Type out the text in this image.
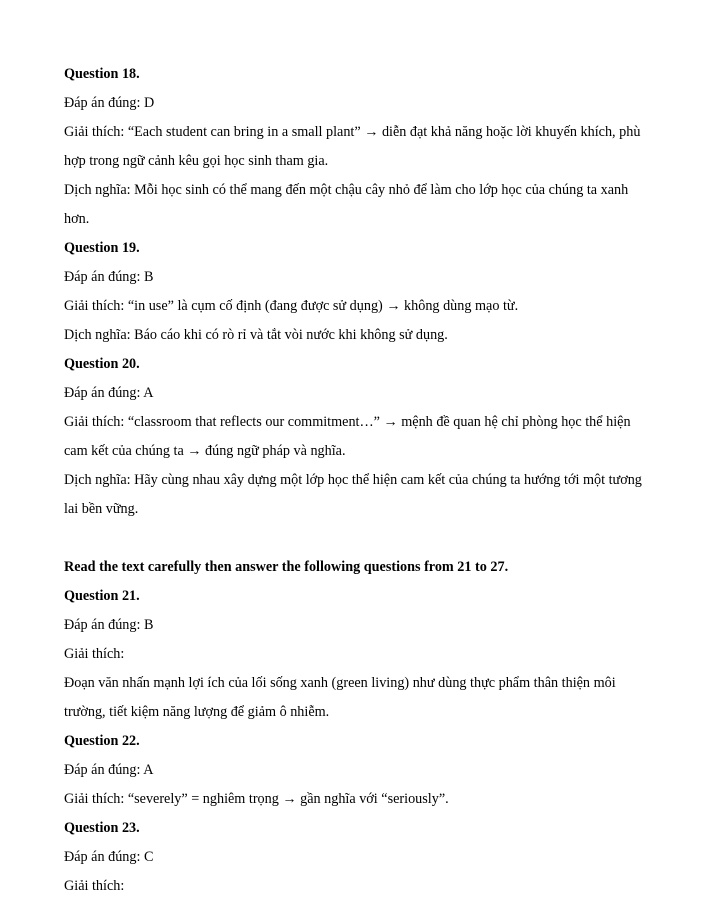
Question 18.

Đáp án đúng: D

Giải thích: “Each student can bring in a small plant” → diễn đạt khả năng hoặc lời khuyến khích, phù hợp trong ngữ cảnh kêu gọi học sinh tham gia.

Dịch nghĩa: Mỗi học sinh có thể mang đến một chậu cây nhỏ để làm cho lớp học của chúng ta xanh hơn.

Question 19.

Đáp án đúng: B

Giải thích: “in use” là cụm cố định (đang được sử dụng) → không dùng mạo từ.

Dịch nghĩa: Báo cáo khi có rò rỉ và tắt vòi nước khi không sử dụng.

Question 20.

Đáp án đúng: A

Giải thích: “classroom that reflects our commitment…” → mệnh đề quan hệ chỉ phòng học thể hiện cam kết của chúng ta → đúng ngữ pháp và nghĩa.

Dịch nghĩa: Hãy cùng nhau xây dựng một lớp học thể hiện cam kết của chúng ta hướng tới một tương lai bền vững.

Read the text carefully then answer the following questions from 21 to 27.

Question 21.

Đáp án đúng: B

Giải thích:

Đoạn văn nhấn mạnh lợi ích của lối sống xanh (green living) như dùng thực phẩm thân thiện môi trường, tiết kiệm năng lượng để giảm ô nhiễm.

Question 22.

Đáp án đúng: A

Giải thích: “severely” = nghiêm trọng → gần nghĩa với “seriously”.

Question 23.

Đáp án đúng: C

Giải thích:
